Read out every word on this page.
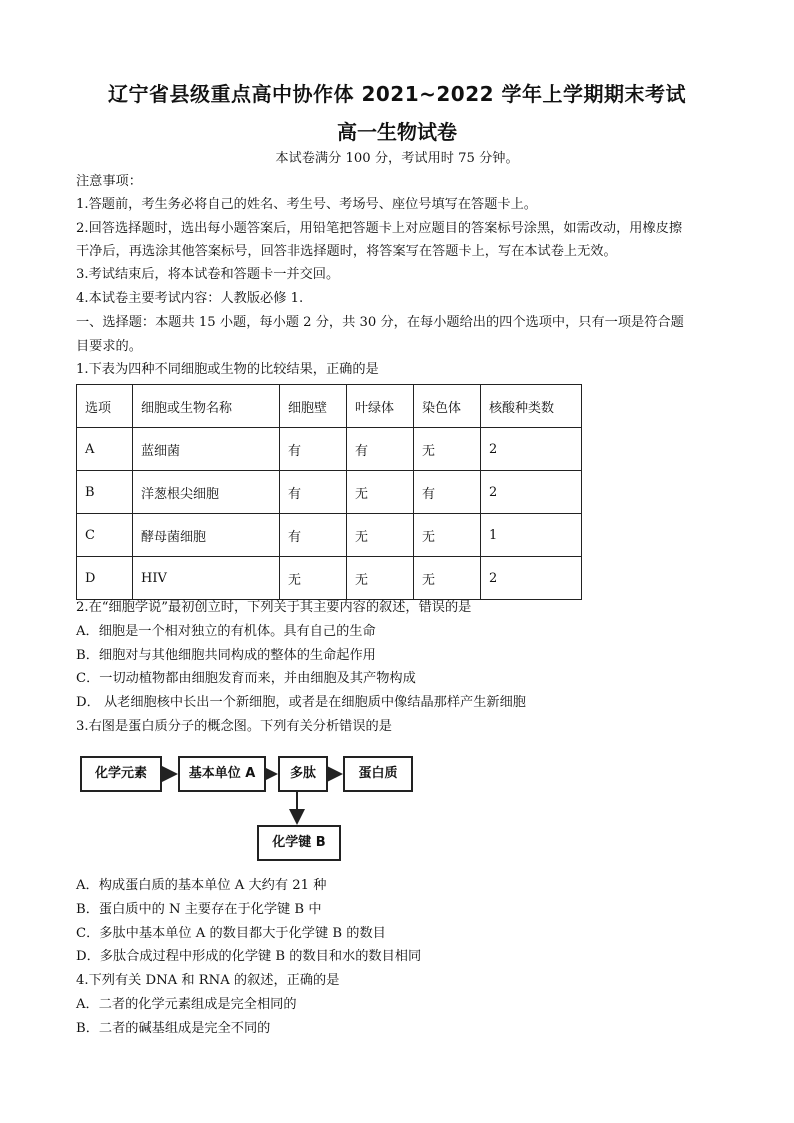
辽宁省县级重点高中协作体 2021~2022 学年上学期期末考试
高一生物试卷
本试卷满分 100 分，考试用时 75 分钟。
注意事项：
1.答题前，考生务必将自己的姓名、考生号、考场号、座位号填写在答题卡上。
2.回答选择题时，选出每小题答案后，用铅笔把答题卡上对应题目的答案标号涂黑，如需改动，用橡皮擦
干净后，再选涂其他答案标号，回答非选择题时，将答案写在答题卡上，写在本试卷上无效。
3.考试结束后，将本试卷和答题卡一并交回。
4.本试卷主要考试内容：人教版必修 1.
一、选择题：本题共 15 小题，每小题 2 分，共 30 分，在每小题给出的四个选项中，只有一项是符合题
目要求的。
1.下表为四种不同细胞或生物的比较结果，正确的是
选项	细胞或生物名称	细胞壁	叶绿体	染色体	核酸种类数
A	蓝细菌	有	有	无	2
B	洋葱根尖细胞	有	无	有	2
C	酵母菌细胞	有	无	无	1
D	HIV	无	无	无	2
2.在“细胞学说”最初创立时，下列关于其主要内容的叙述，错误的是
A．细胞是一个相对独立的有机体。具有自己的生命
B．细胞对与其他细胞共同构成的整体的生命起作用
C．一切动植物都由细胞发育而来，并由细胞及其产物构成
D． 从老细胞核中长出一个新细胞，或者是在细胞质中像结晶那样产生新细胞
3.右图是蛋白质分子的概念图。下列有关分析错误的是
化学元素	基本单位 A	多肽	蛋白质
化学键 B
A．构成蛋白质的基本单位 A 大约有 21 种
B．蛋白质中的 N 主要存在于化学键 B 中
C．多肽中基本单位 A 的数目都大于化学键 B 的数目
D．多肽合成过程中形成的化学键 B 的数目和水的数目相同
4.下列有关 DNA 和 RNA 的叙述，正确的是
A．二者的化学元素组成是完全相同的
B．二者的碱基组成是完全不同的
